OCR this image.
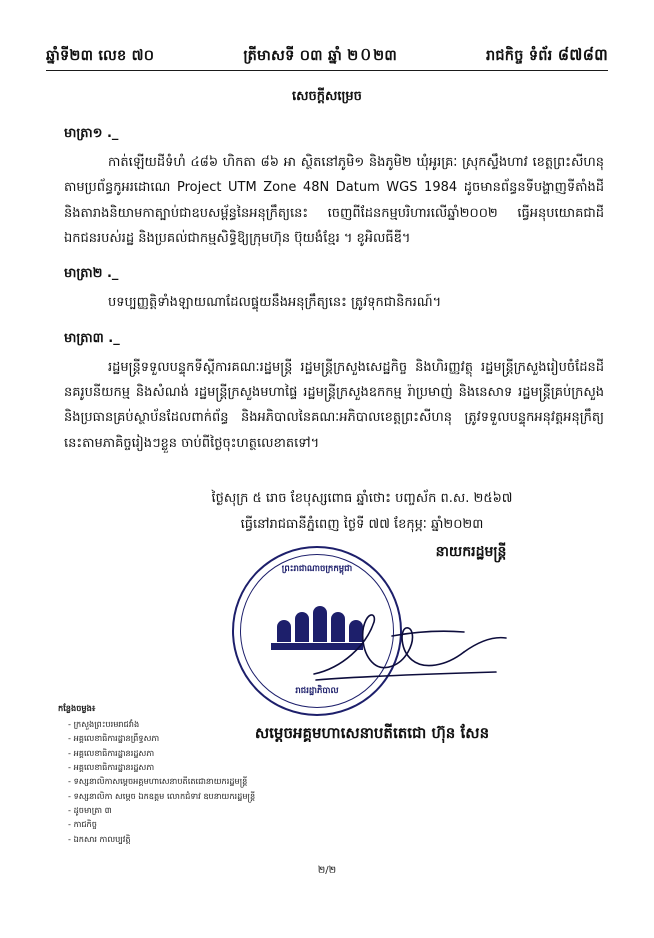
ឆ្នាំទី២៣ លេខ ៧០	ត្រីមាសទី ០៣ ឆ្នាំ ២０២៣	រាជកិច្ច ទំព័រ ៨៧៨៣
សេចក្ដីសម្រេច
មាត្រា១ ._

កាត់ឡើយដីទំហំ ៤៨៦ ហិកតា ៨៦ អា ស្ថិតនៅភូមិ១ និងភូមិ២ ឃុំអូរគ្រៈ ស្រុកស្ទឹងហាវ ខេត្តព្រះសីហនុ តាមប្រព័ន្ធកូអរដោណេ Project UTM Zone 48N Datum WGS 1984 ដូចមានព័ន្ធនទីបង្ហាញទីតាំងដី និងតារាងនិយាមកាត្បាប់ជាឧបសម្ព័ន្ធនៃអនុក្រឹត្យនេះ ចេញពីដែនកម្មបរិហារលើឆ្នាំ២០០២ ធ្វើអនុបយោគជាដីឯកជនរបស់រដ្ឋ និងប្រគល់ជាកម្មសិទ្ធិឱ្យក្រុមហ៊ុន ប៊ុយងំខ្មែរ ។ ខូអិលធីឌី។

មាត្រា២ ._

បទប្បញ្ញត្តិទាំងឡាយណាដែលផ្ទុយនឹងអនុក្រឹត្យនេះ ត្រូវទុកជានិករណ៍។

មាត្រា៣ ._

រដ្ឋមន្ត្រីទទួលបន្ទុកទីស្ដីការគណៈរដ្ឋមន្ត្រី រដ្ឋមន្ត្រីក្រសួងសេដ្ឋកិច្ច និងហិរញ្ញវត្ថុ រដ្ឋមន្ត្រីក្រសួងរៀបចំដែនដី នគរូបនីយកម្ម និងសំណង់ រដ្ឋមន្ត្រីក្រសួងមហាផ្ទៃ រដ្ឋមន្ត្រីក្រសួងឧកកម្ម រ៉ាប្រមាញ់ និងនេសាទ រដ្ឋមន្ត្រីគ្រប់ក្រសួងនិងប្រធានគ្រប់ស្ថាប័នដែលពាក់ព័ន្ធ និងអភិបាលនៃគណៈអភិបាលខេត្តព្រះសីហនុ ត្រូវទទួលបន្ទុកអនុវត្តអនុក្រឹត្យនេះតាមភាគិច្ចរៀងៗខ្លួន ចាប់ពីថ្ងៃចុះហត្ថលេខាតទៅ។

ថ្ងៃសុក្រ ៥ រោច ខែបុស្សពោធ ឆ្នាំថោះ បញ្ចស័ក ព.ស. ២៥៦៧
ធ្វើនៅរាជធានីភ្នំពេញ ថ្ងៃទី ៧៧ ខែកុម្ភៈ ឆ្នាំ២០២៣
ព្រះរាជាណាចក្រកម្ពុជា
★
រាជរដ្ឋាភិបាល
នាយករដ្ឋមន្ត្រី
សម្ដេចអគ្គមហាសេនាបតីតេជោ ហ៊ុន សែន
កន្លែងចម្លង៖
- ក្រសួងព្រះបរមរាជវាំង
- អគ្គលេខាធិការដ្ឋានព្រឹទ្ធសភា
- អគ្គលេខាធិការដ្ឋានរដ្ឋសភា
- អគ្គលេខាធិការដ្ឋានរដ្ឋសភា
- ទស្សនាលិកាសម្ដេចអគ្គមហាសេនាបតីតេជោនាយករដ្ឋមន្ត្រី
- ទស្សនាលិកា សម្ដេច ឯកឧត្តម លោកជំទាវ ឧបនាយករដ្ឋមន្ត្រី
- ដូចមាត្រា ៣
- កាជកិច្ច
- ឯកសារ កាលប្បវត្តិ
២/២
